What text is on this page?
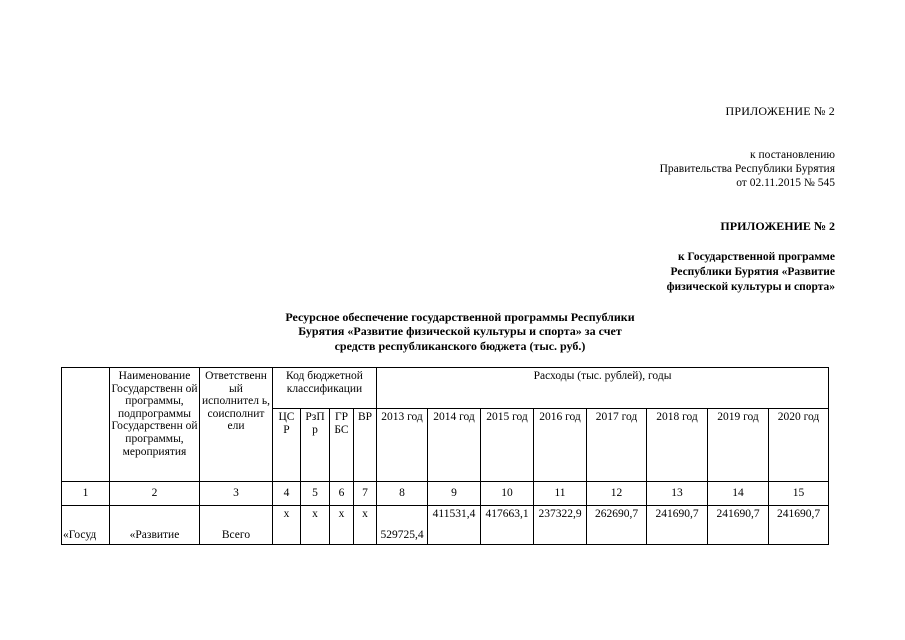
ПРИЛОЖЕНИЕ № 2
к постановлению
Правительства Республики Бурятия
от 02.11.2015 № 545
ПРИЛОЖЕНИЕ № 2
к Государственной программе
Республики Бурятия «Развитие
физической культуры и спорта»
Ресурсное обеспечение государственной программы Республики
Бурятия «Развитие физической культуры и спорта» за счет
средств республиканского бюджета (тыс. руб.)
	Наименование Государственн ой программы, подпрограммы Государственн ой программы, мероприятия	Ответственн ый исполнител ь, соисполнит ели	Код бюджетной классификации				Расходы (тыс. рублей), годы							
			ЦС Р	РзП р	ГР БС	ВР	2013 год	2014 год	2015 год	2016 год	2017 год	2018 год	2019 год	2020 год
1	2	3	4	5	6	7	8	9	10	11	12	13	14	15
«Госуд	«Развитие	Всего	х	х	х	х	529725,4	411531,4	417663,1	237322,9	262690,7	241690,7	241690,7	241690,7
